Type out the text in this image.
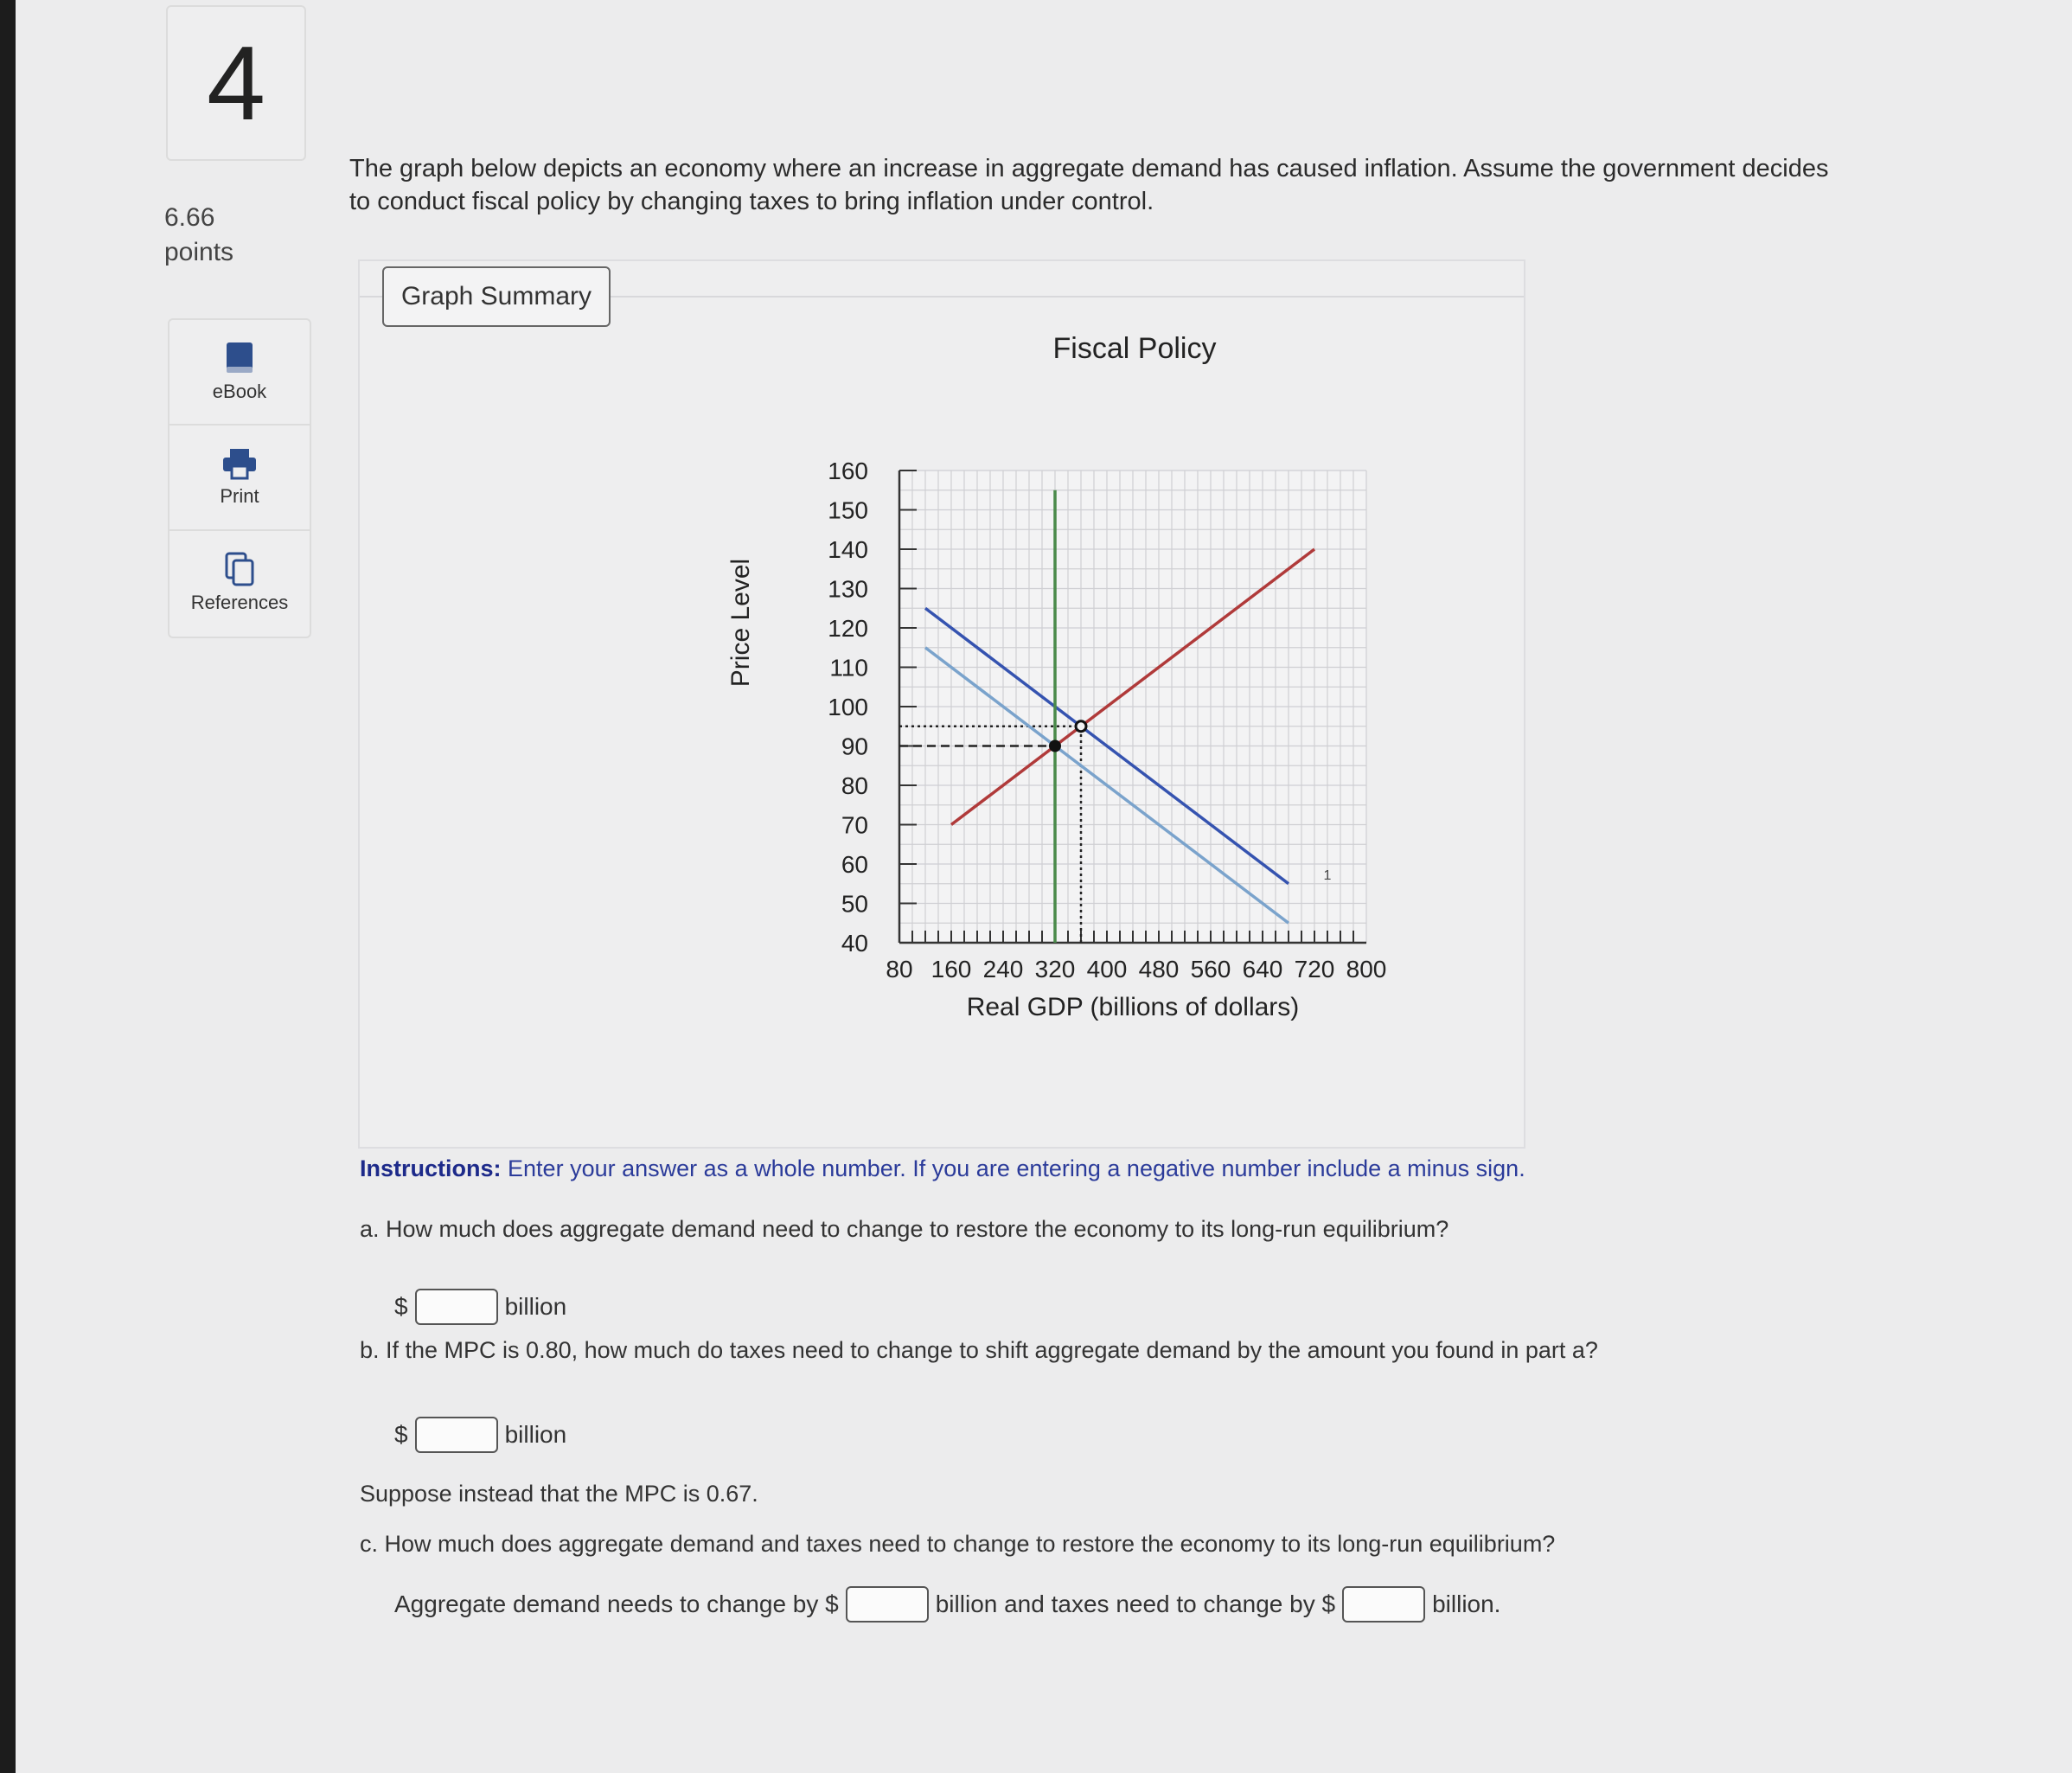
4
6.66
points
eBook
Print
References
The graph below depicts an economy where an increase in aggregate demand has caused inflation. Assume the government decides to conduct fiscal policy by changing taxes to bring inflation under control.
Graph Summary
40
50
60
70
80
90
100
110
120
130
140
150
160
80 160 240 320 400 480 560 640 720 800
1
Fiscal Policy
Real GDP (billions of dollars)
Price Level
Instructions: Enter your answer as a whole number. If you are entering a negative number include a minus sign.
a. How much does aggregate demand need to change to restore the economy to its long-run equilibrium?
$	billion
b. If the MPC is 0.80, how much do taxes need to change to shift aggregate demand by the amount you found in part a?
$	billion
Suppose instead that the MPC is 0.67.
c. How much does aggregate demand and taxes need to change to restore the economy to its long-run equilibrium?
Aggregate demand needs to change by $	billion and taxes need to change by $	billion.
